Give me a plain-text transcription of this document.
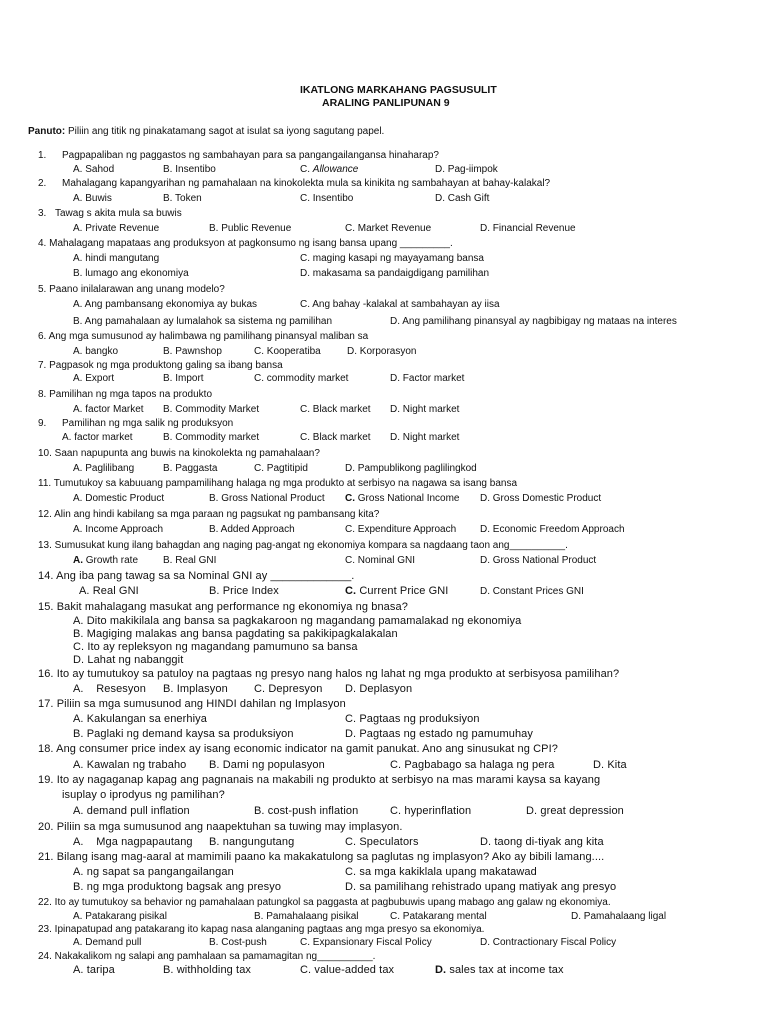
IKATLONG MARKAHANG PAGSUSULIT
ARALING PANLIPUNAN 9
Panuto: Piliin ang titik ng pinakatamang sagot at isulat sa iyong sagutang papel.
1. Pagpapaliban ng paggastos ng sambahayan para sa pangangailangansa hinaharap?
A. Sahod	B. Insentibo	C. Allowance	D. Pag-iimpok
2. Mahalagang kapangyarihan ng pamahalaan na kinokolekta mula sa kinikita ng sambahayan at bahay-kalakal?
A. Buwis	B. Token	C. Insentibo	D. Cash Gift
3. Tawag s akita mula sa buwis
A. Private Revenue	B. Public Revenue	C. Market Revenue	D. Financial Revenue
4. Mahalagang mapataas ang produksyon at pagkonsumo ng isang bansa upang _________.
A. hindi mangutang	C. maging kasapi ng mayayamang bansa
B. lumago ang ekonomiya	D. makasama sa pandaigdigang pamilihan
5. Paano inilalarawan ang unang modelo?
A. Ang pambansang ekonomiya ay bukas	C. Ang bahay -kalakal at sambahayan ay iisa
B. Ang pamahalaan ay lumalahok sa sistema ng pamilihan	D. Ang pamilihang pinansyal ay nagbibigay ng mataas na interes
6. Ang mga sumusunod ay halimbawa ng pamilihang pinansyal maliban sa
A. bangko	B. Pawnshop	C. Kooperatiba	D. Korporasyon
7. Pagpasok ng mga produktong galing sa ibang bansa
A. Export	B. Import	C. commodity market	D. Factor market
8. Pamilihan ng mga tapos na produkto
A. factor Market B. Commodity Market	C. Black market D. Night market
9. Pamilihan ng mga salik ng produksyon
A. factor market	B. Commodity market	C. Black market D. Night market
10. Saan napupunta ang buwis na kinokolekta ng pamahalaan?
A. Paglilibang	B. Paggasta	C. Pagtitipid	D. Pampublikong paglilingkod
11. Tumutukoy sa kabuuang pampamilihang halaga ng mga produkto at serbisyo na nagawa sa isang bansa
A. Domestic Product	B. Gross National Product C. Gross National Income D. Gross Domestic Product
12. Alin ang hindi kabilang sa mga paraan ng pagsukat ng pambansang kita?
A. Income Approach	B. Added Approach	C. Expenditure Approach D. Economic Freedom Approach
13. Sumusukat kung ilang bahagdan ang naging pag-angat ng ekonomiya kompara sa nagdaang taon ang__________.
A. Growth rate B. Real GNI	C. Nominal GNI	D. Gross National Product
14. Ang iba pang tawag sa sa Nominal GNI ay _____________.
A. Real GNI	B. Price Index	C. Current Price GNI	D. Constant Prices GNI
15. Bakit mahalagang masukat ang performance ng ekonomiya ng bnasa?
A. Dito makikilala ang bansa sa pagkakaroon ng magandang pamamalakad ng ekonomiya
B. Magiging malakas ang bansa pagdating sa pakikipagkalakalan
C. Ito ay repleksyon ng magandang pamumuno sa bansa
D. Lahat ng nabanggit
16. Ito ay tumutukoy sa patuloy na pagtaas ng presyo nang halos ng lahat ng mga produkto at serbisyosa pamilihan?
A. Resesyon B. Implasyon C. Depresyon D. Deplasyon
17. Piliin sa mga sumusunod ang HINDI dahilan ng Implasyon
A. Kakulangan sa enerhiya	C. Pagtaas ng produksiyon
B. Paglaki ng demand kaysa sa produksiyon	D. Pagtaas ng estado ng pamumuhay
18. Ang consumer price index ay isang economic indicator na gamit panukat. Ano ang sinusukat ng CPI?
A. Kawalan ng trabaho B. Dami ng populasyon	C. Pagbabago sa halaga ng pera	D. Kita
19. Ito ay nagaganap kapag ang pagnanais na makabili ng produkto at serbisyo na mas marami kaysa sa kayang
isuplay o iprodyus ng pamilihan?
A. demand pull inflation	B. cost-push inflation	C. hyperinflation	D. great depression
20. Piliin sa mga sumusunod ang naapektuhan sa tuwing may implasyon.
A. Mga nagpapautang B. nangungutang	C. Speculators	D. taong di-tiyak ang kita
21. Bilang isang mag-aaral at mamimili paano ka makakatulong sa paglutas ng implasyon? Ako ay bibili lamang....
A. ng sapat sa pangangailangan	C. sa mga kakiklala upang makatawad
B. ng mga produktong bagsak ang presyo	D. sa pamilihang rehistrado upang matiyak ang presyo
22. Ito ay tumutukoy sa behavior ng pamahalaan patungkol sa paggasta at pagbubuwis upang mabago ang galaw ng ekonomiya.
A. Patakarang pisikal	B. Pamahalaang pisikal	C. Patakarang mental	D. Pamahalaang ligal
23. Ipinapatupad ang patakarang ito kapag nasa alanganing pagtaas ang mga presyo sa ekonomiya.
A. Demand pull	B. Cost-push	C. Expansionary Fiscal Policy	D. Contractionary Fiscal Policy
24. Nakakalikom ng salapi ang pamhalaan sa pamamagitan ng__________.
A. taripa	B. withholding tax	C. value-added tax	D. sales tax at income tax
